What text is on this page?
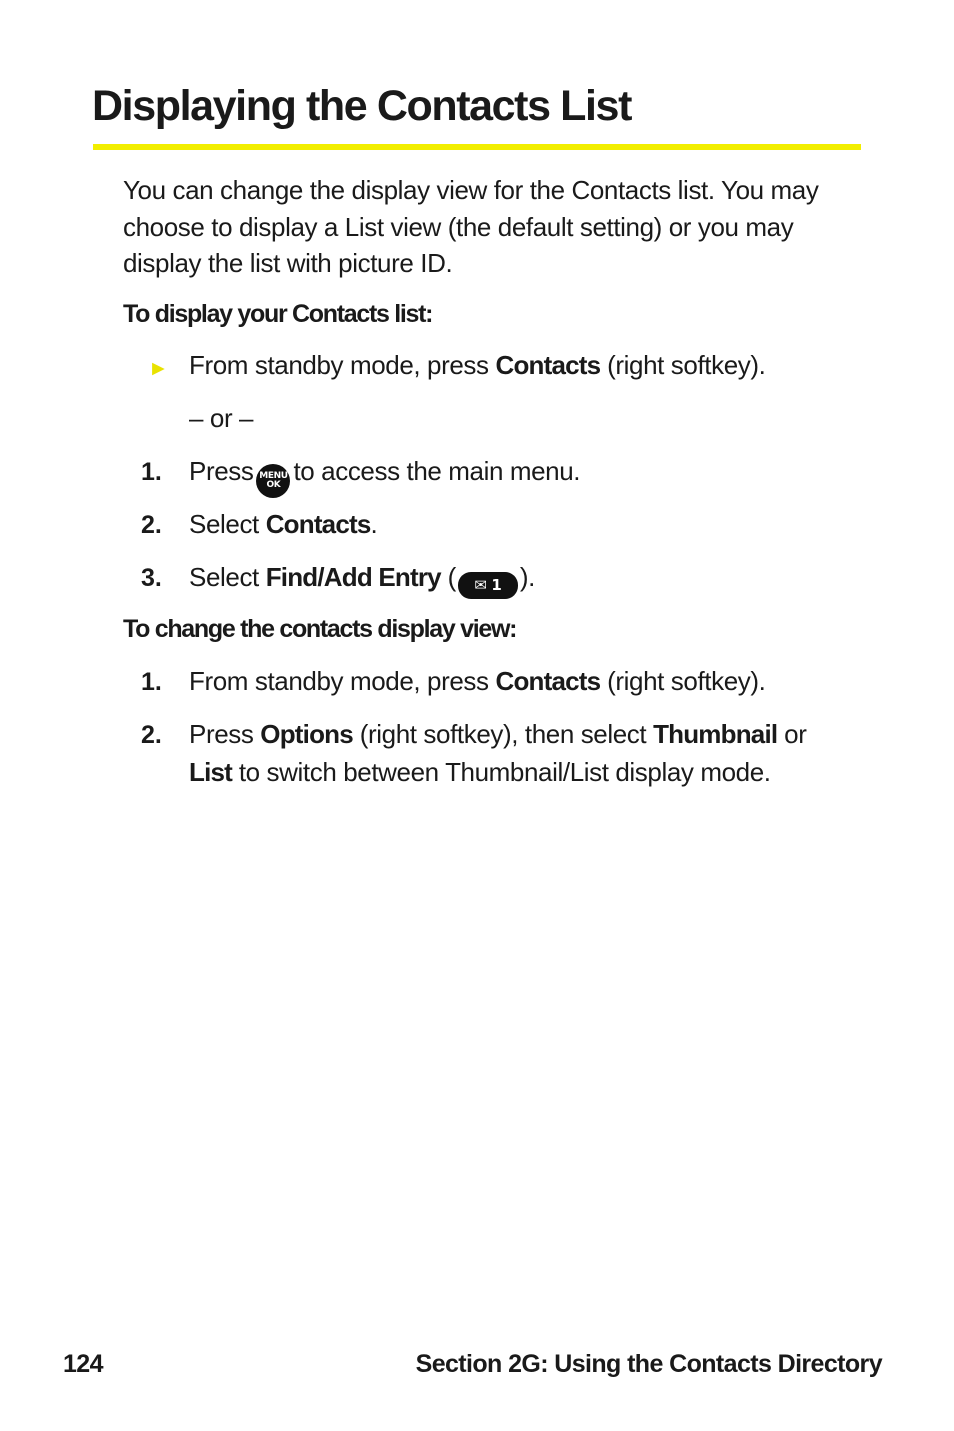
Displaying the Contacts List

You can change the display view for the Contacts list. You may choose to display a List view (the default setting) or you may display the list with picture ID.

To display your Contacts list:

► From standby mode, press Contacts (right softkey).
– or –
1. Press MENU
OK to access the main menu.
2. Select Contacts.
3. Select Find/Add Entry ( ✉ 1 ).

To change the contacts display view:

1. From standby mode, press Contacts (right softkey).
2. Press Options (right softkey), then select Thumbnail or
List to switch between Thumbnail/List display mode.
124	Section 2G: Using the Contacts Directory
